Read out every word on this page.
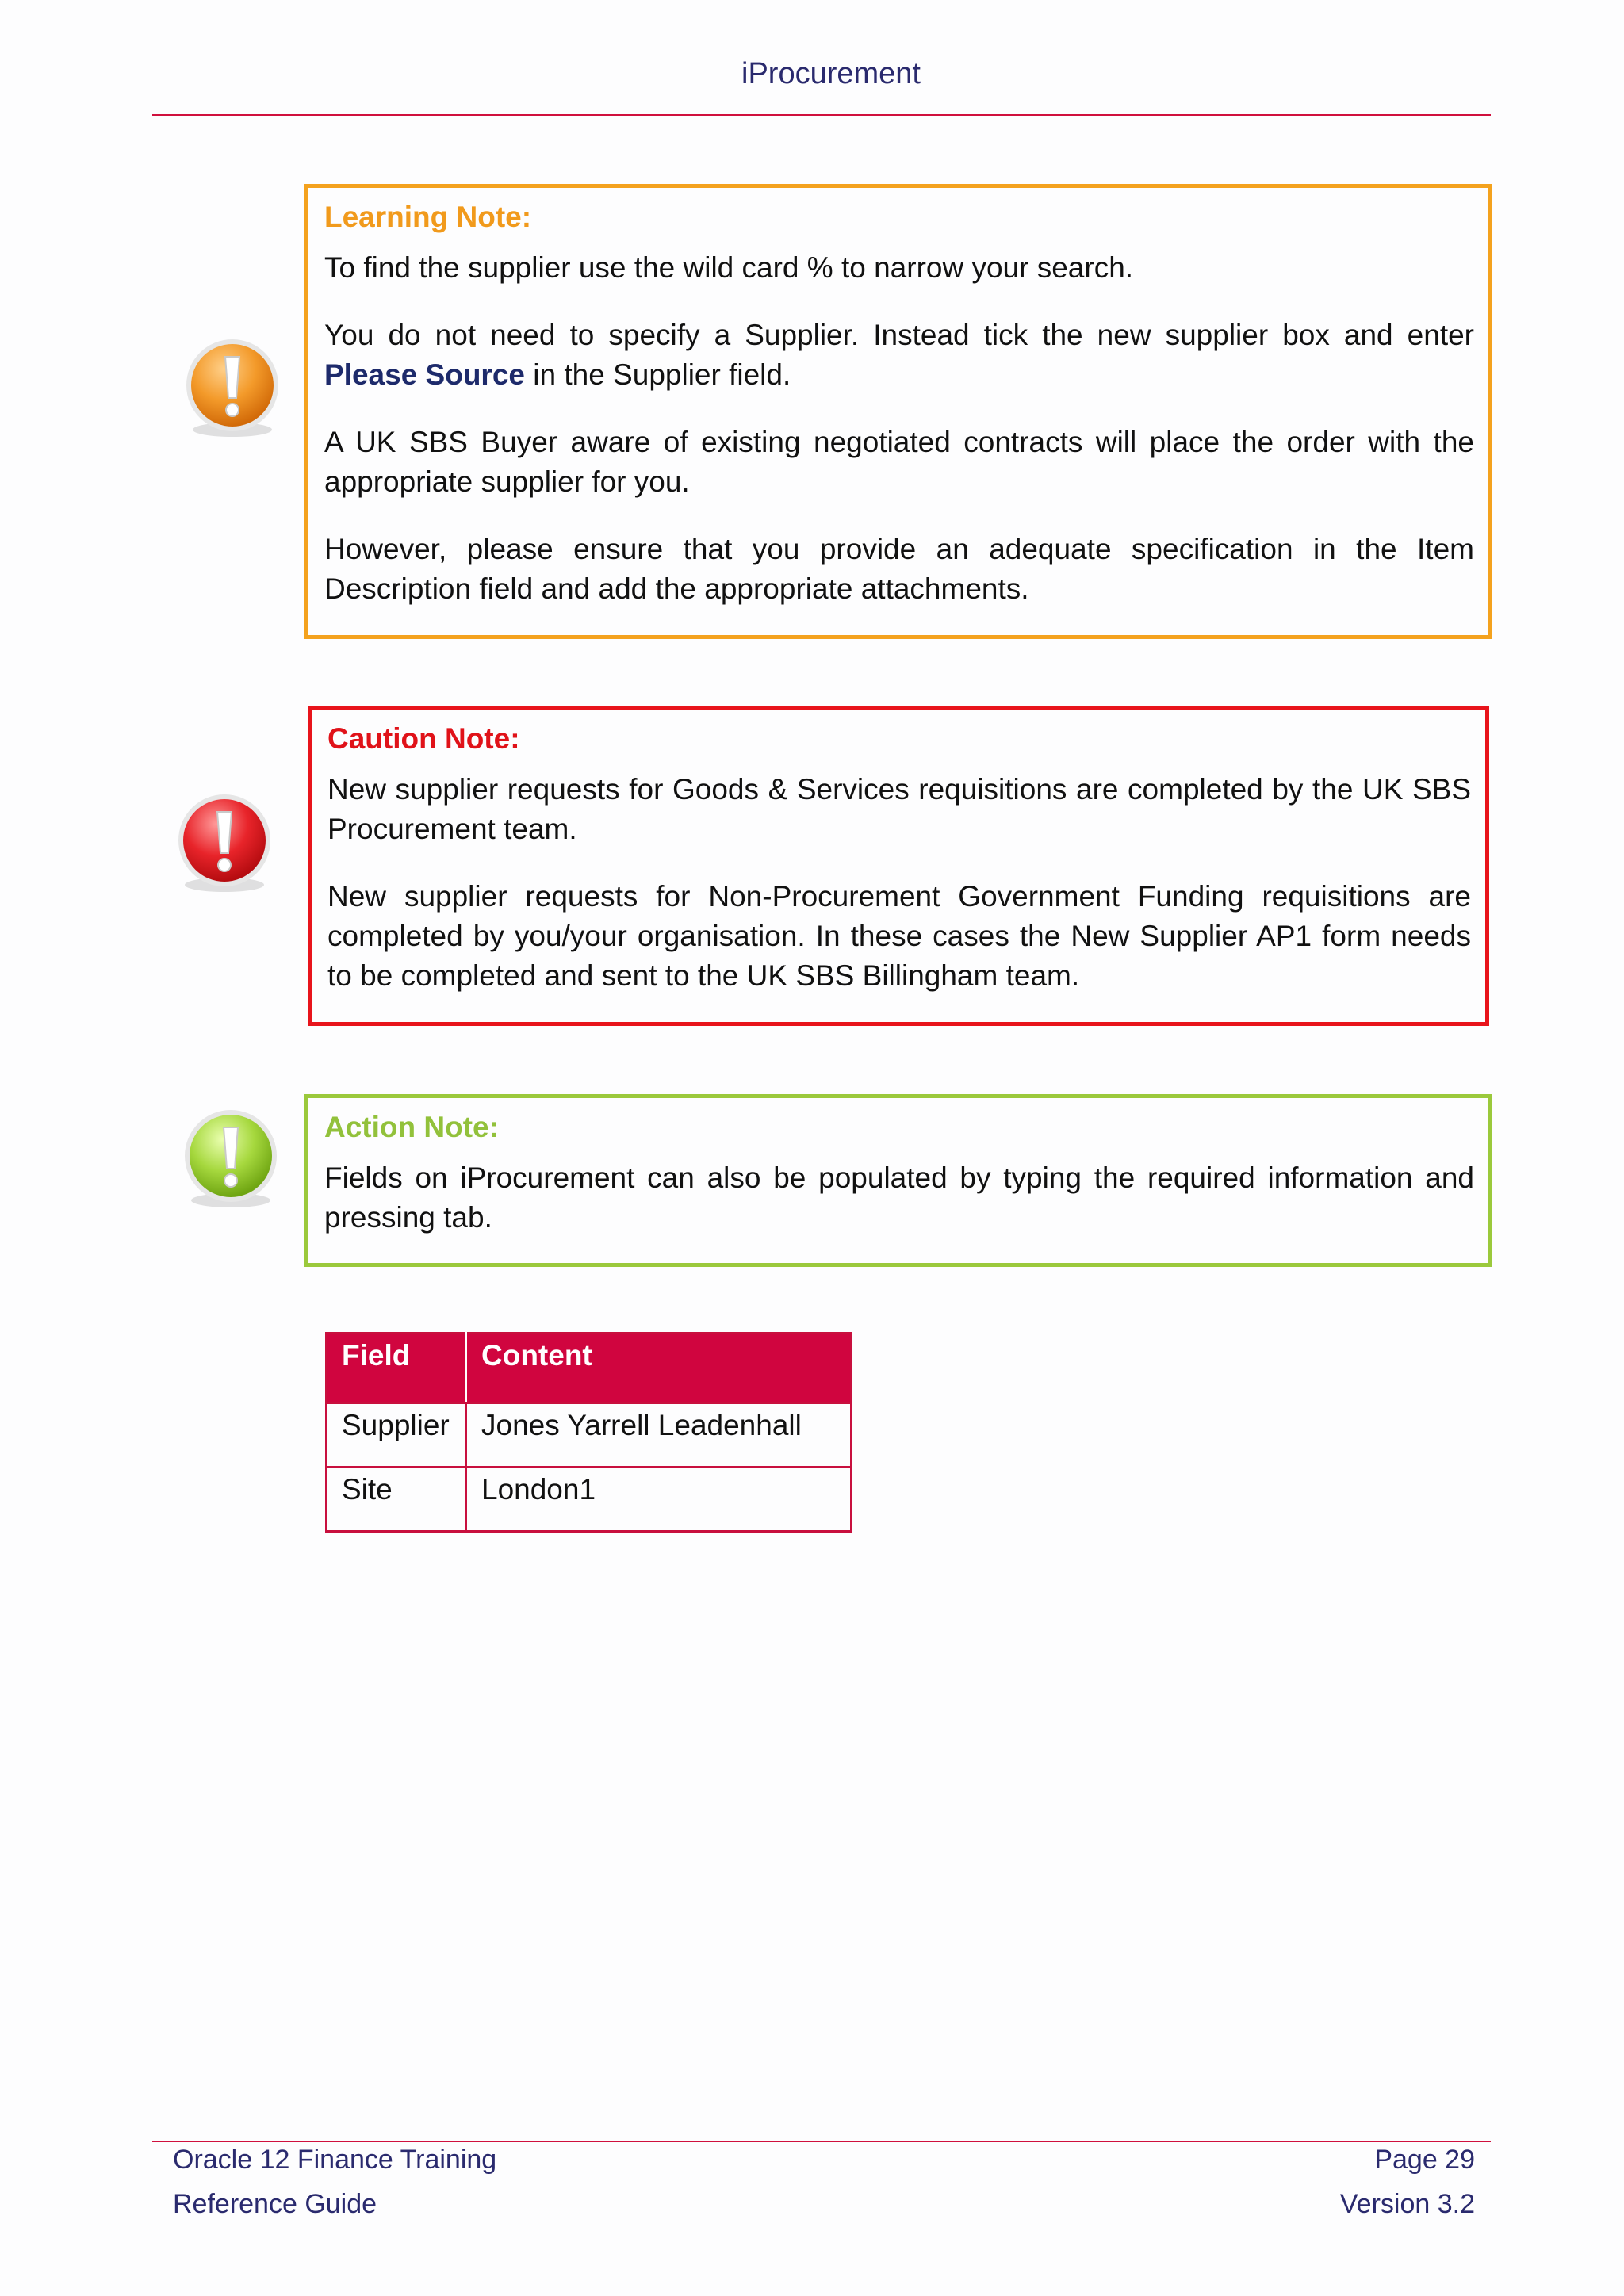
iProcurement
Learning Note:

To find the supplier use the wild card % to narrow your search.

You do not need to specify a Supplier. Instead tick the new supplier box and enter Please Source in the Supplier field.

A UK SBS Buyer aware of existing negotiated contracts will place the order with the appropriate supplier for you.

However, please ensure that you provide an adequate specification in the Item Description field and add the appropriate attachments.

Caution Note:

New supplier requests for Goods & Services requisitions are completed by the UK SBS Procurement team.

New supplier requests for Non-Procurement Government Funding requisitions are completed by you/your organisation. In these cases the New Supplier AP1 form needs to be completed and sent to the UK SBS Billingham team.

Action Note:

Fields on iProcurement can also be populated by typing the required information and pressing tab.

Field	Content
Supplier	Jones Yarrell Leadenhall
Site	London1
Oracle 12 Finance Training
Reference Guide
Page 29
Version 3.2
